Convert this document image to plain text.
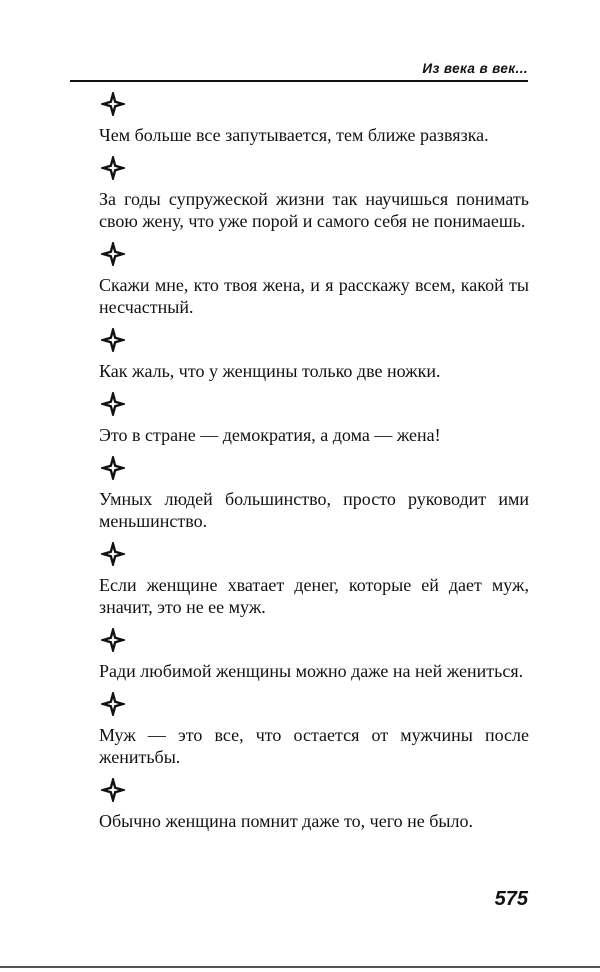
Из века в век...

Чем больше все запутывается, тем ближе развязка.

За годы супружеской жизни так научишься понимать свою жену, что уже порой и самого себя не понимаешь.

Скажи мне, кто твоя жена, и я расскажу всем, какой ты несчастный.

Как жаль, что у женщины только две ножки.

Это в стране — демократия, а дома — жена!

Умных людей большинство, просто руководит ими меньшинство.

Если женщине хватает денег, которые ей дает муж, значит, это не ее муж.

Ради любимой женщины можно даже на ней жениться.

Муж — это все, что остается от мужчины после женитьбы.

Обычно женщина помнит даже то, чего не было.

575
